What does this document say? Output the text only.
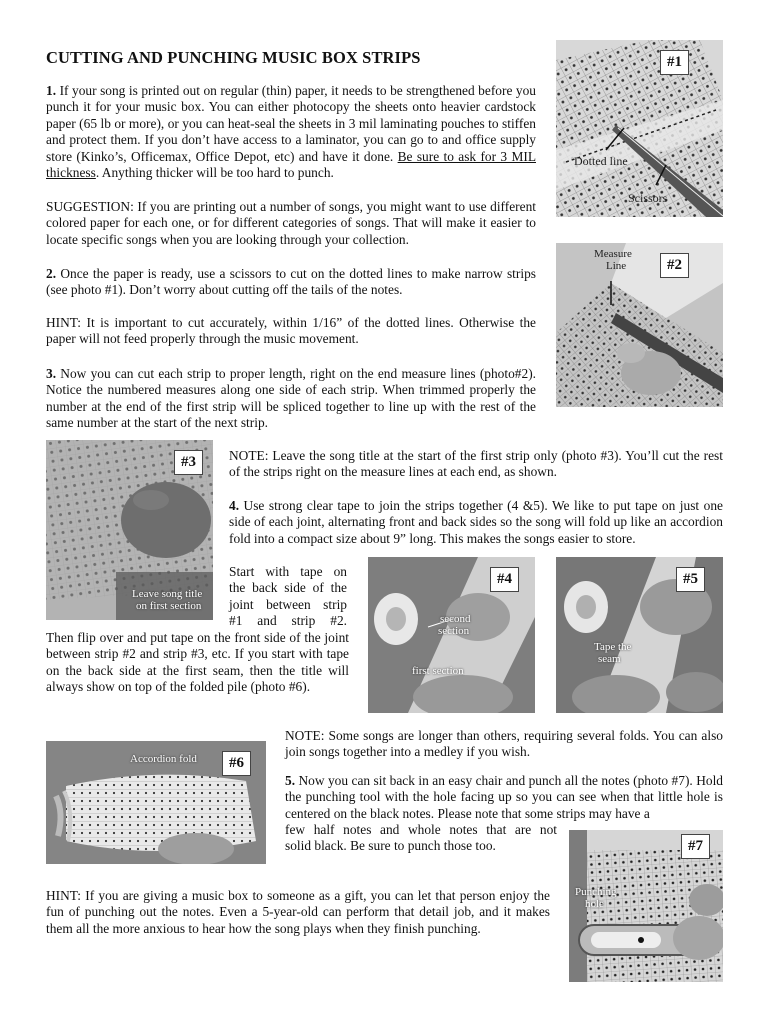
CUTTING AND PUNCHING MUSIC BOX STRIPS

1. If your song is printed out on regular (thin) paper, it needs to be strengthened before you punch it for your music box. You can either photocopy the sheets onto heavier cardstock paper (65 lb or more), or you can heat-seal the sheets in 3 mil laminating pouches to stiffen and protect them. If you don’t have access to a laminator, you can go to and office supply store (Kinko’s, Officemax, Office Depot, etc) and have it done. Be sure to ask for 3 MIL thickness. Anything thicker will be too hard to punch.

SUGGESTION: If you are printing out a number of songs, you might want to use different colored paper for each one, or for different categories of songs. That will make it easier to locate specific songs when you are looking through your collection.

2. Once the paper is ready, use a scissors to cut on the dotted lines to make narrow strips (see photo #1). Don’t worry about cutting off the tails of the notes.

HINT: It is important to cut accurately, within 1/16” of the dotted lines. Otherwise the paper will not feed properly through the music movement.

3. Now you can cut each strip to proper length, right on the end measure lines (photo#2). Notice the numbered measures along one side of each strip. When trimmed properly the number at the end of the first strip will be spliced together to line up with the rest of the same number at the start of the next strip.

NOTE: Leave the song title at the start of the first strip only (photo #3). You’ll cut the rest of the strips right on the measure lines at each end, as shown.

4. Use strong clear tape to join the strips together (4 &5). We like to put tape on just one side of each joint, alternating front and back sides so the song will fold up like an accordion fold into a compact size about 9” long. This makes the songs easier to store.

Start with tape on
the back side of the
joint between strip
#1 and strip #2.

Then flip over and put tape on the front side of the joint between strip #2 and strip #3, etc. If you start with tape on the back side at the first seam, then the title will always show on top of the folded pile (photo #6).

NOTE: Some songs are longer than others, requiring several folds. You can also join songs together into a medley if you wish.

5. Now you can sit back in an easy chair and punch all the notes (photo #7). Hold the punching tool with the hole facing up so you can see when that little hole is centered on the black notes. Please note that some strips may have a

few half notes and whole notes that are not
solid black. Be sure to punch those too.

HINT: If you are giving a music box to someone as a gift, you can let that person enjoy the fun of punching out the notes. Even a 5-year-old can perform that detail job, and it makes them all the more anxious to hear how the song plays when they finish punching.

Dotted line
Scissors
#1
Measure
Line	#2
Leave song title
on first section
#3
second
section
first section
#4
Tape the
seam
#5
Accordion fold	#6
Punching
hole
#7
